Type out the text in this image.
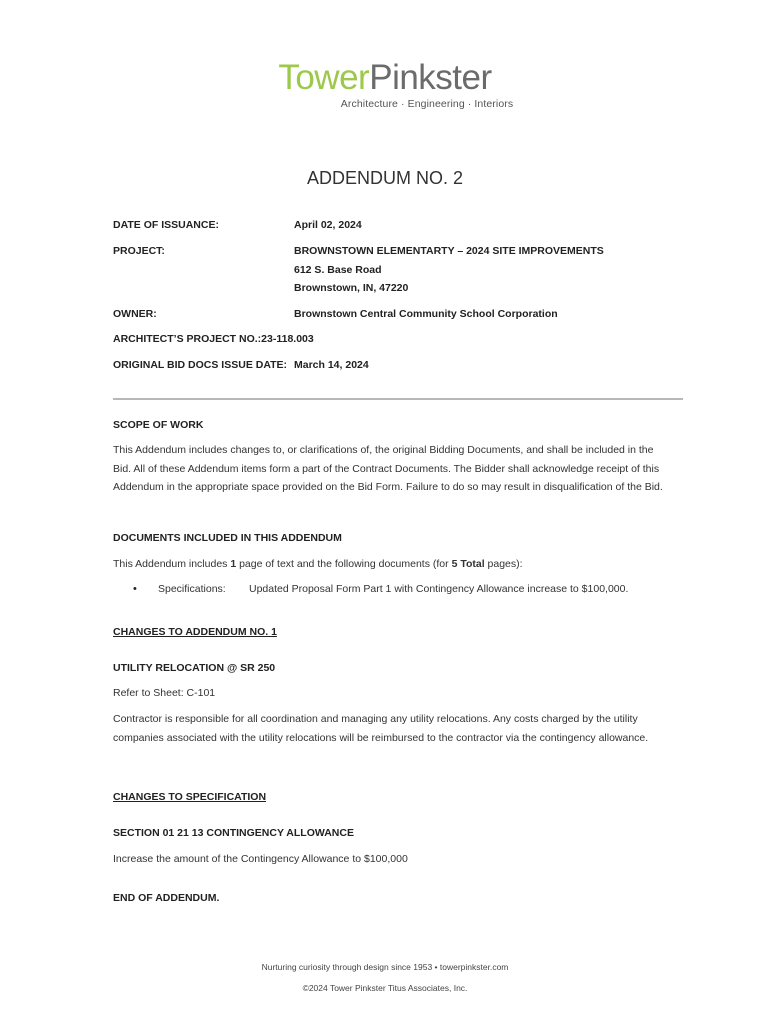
TowerPinkster
Architecture · Engineering · Interiors
ADDENDUM NO. 2
DATE OF ISSUANCE:	April 02, 2024
PROJECT:	BROWNSTOWN ELEMENTARTY – 2024 SITE IMPROVEMENTS
612 S. Base Road
Brownstown, IN, 47220
OWNER:	Brownstown Central Community School Corporation
ARCHITECT’S PROJECT NO.:23-118.003
ORIGINAL BID DOCS ISSUE DATE: March 14, 2024
SCOPE OF WORK
This Addendum includes changes to, or clarifications of, the original Bidding Documents, and shall be included in the Bid. All of these Addendum items form a part of the Contract Documents. The Bidder shall acknowledge receipt of this Addendum in the appropriate space provided on the Bid Form. Failure to do so may result in disqualification of the Bid.
DOCUMENTS INCLUDED IN THIS ADDENDUM
This Addendum includes 1 page of text and the following documents (for 5 Total pages):
• Specifications: Updated Proposal Form Part 1 with Contingency Allowance increase to $100,000.
CHANGES TO ADDENDUM NO. 1
UTILITY RELOCATION @ SR 250
Refer to Sheet: C-101
Contractor is responsible for all coordination and managing any utility relocations. Any costs charged by the utility companies associated with the utility relocations will be reimbursed to the contractor via the contingency allowance.
CHANGES TO SPECIFICATION
SECTION 01 21 13 CONTINGENCY ALLOWANCE
Increase the amount of the Contingency Allowance to $100,000
END OF ADDENDUM.
Nurturing curiosity through design since 1953 • towerpinkster.com
©2024 Tower Pinkster Titus Associates, Inc.
